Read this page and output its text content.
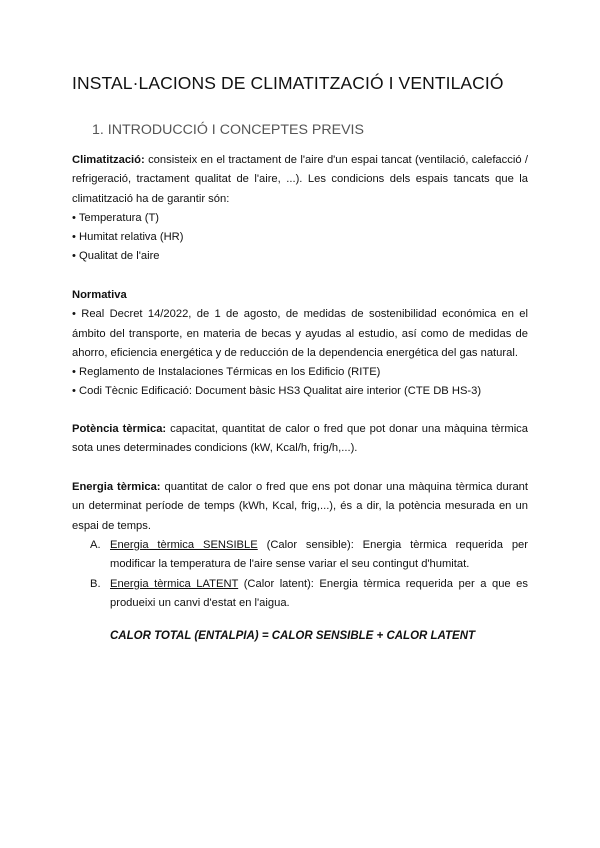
INSTAL·LACIONS DE CLIMATITZACIÓ I VENTILACIÓ
1. INTRODUCCIÓ I CONCEPTES PREVIS
Climatització: consisteix en el tractament de l'aire d'un espai tancat (ventilació, calefacció / refrigeració, tractament qualitat de l'aire, ...). Les condicions dels espais tancats que la climatització ha de garantir són:
• Temperatura (T)
• Humitat relativa (HR)
• Qualitat de l'aire
Normativa
• Real Decret 14/2022, de 1 de agosto, de medidas de sostenibilidad económica en el ámbito del transporte, en materia de becas y ayudas al estudio, así como de medidas de ahorro, eficiencia energética y de reducción de la dependencia energética del gas natural.
• Reglamento de Instalaciones Térmicas en los Edificio (RITE)
• Codi Tècnic Edificació: Document bàsic HS3 Qualitat aire interior (CTE DB HS-3)
Potència tèrmica: capacitat, quantitat de calor o fred que pot donar una màquina tèrmica sota unes determinades condicions (kW, Kcal/h, frig/h,...).
Energia tèrmica: quantitat de calor o fred que ens pot donar una màquina tèrmica durant un determinat període de temps (kWh, Kcal, frig,...), és a dir, la potència mesurada en un espai de temps.
A. Energia tèrmica SENSIBLE (Calor sensible): Energia tèrmica requerida per modificar la temperatura de l'aire sense variar el seu contingut d'humitat.
B. Energia tèrmica LATENT (Calor latent): Energia tèrmica requerida per a que es produeixi un canvi d'estat en l'aigua.
CALOR TOTAL (ENTALPIA) = CALOR SENSIBLE + CALOR LATENT
